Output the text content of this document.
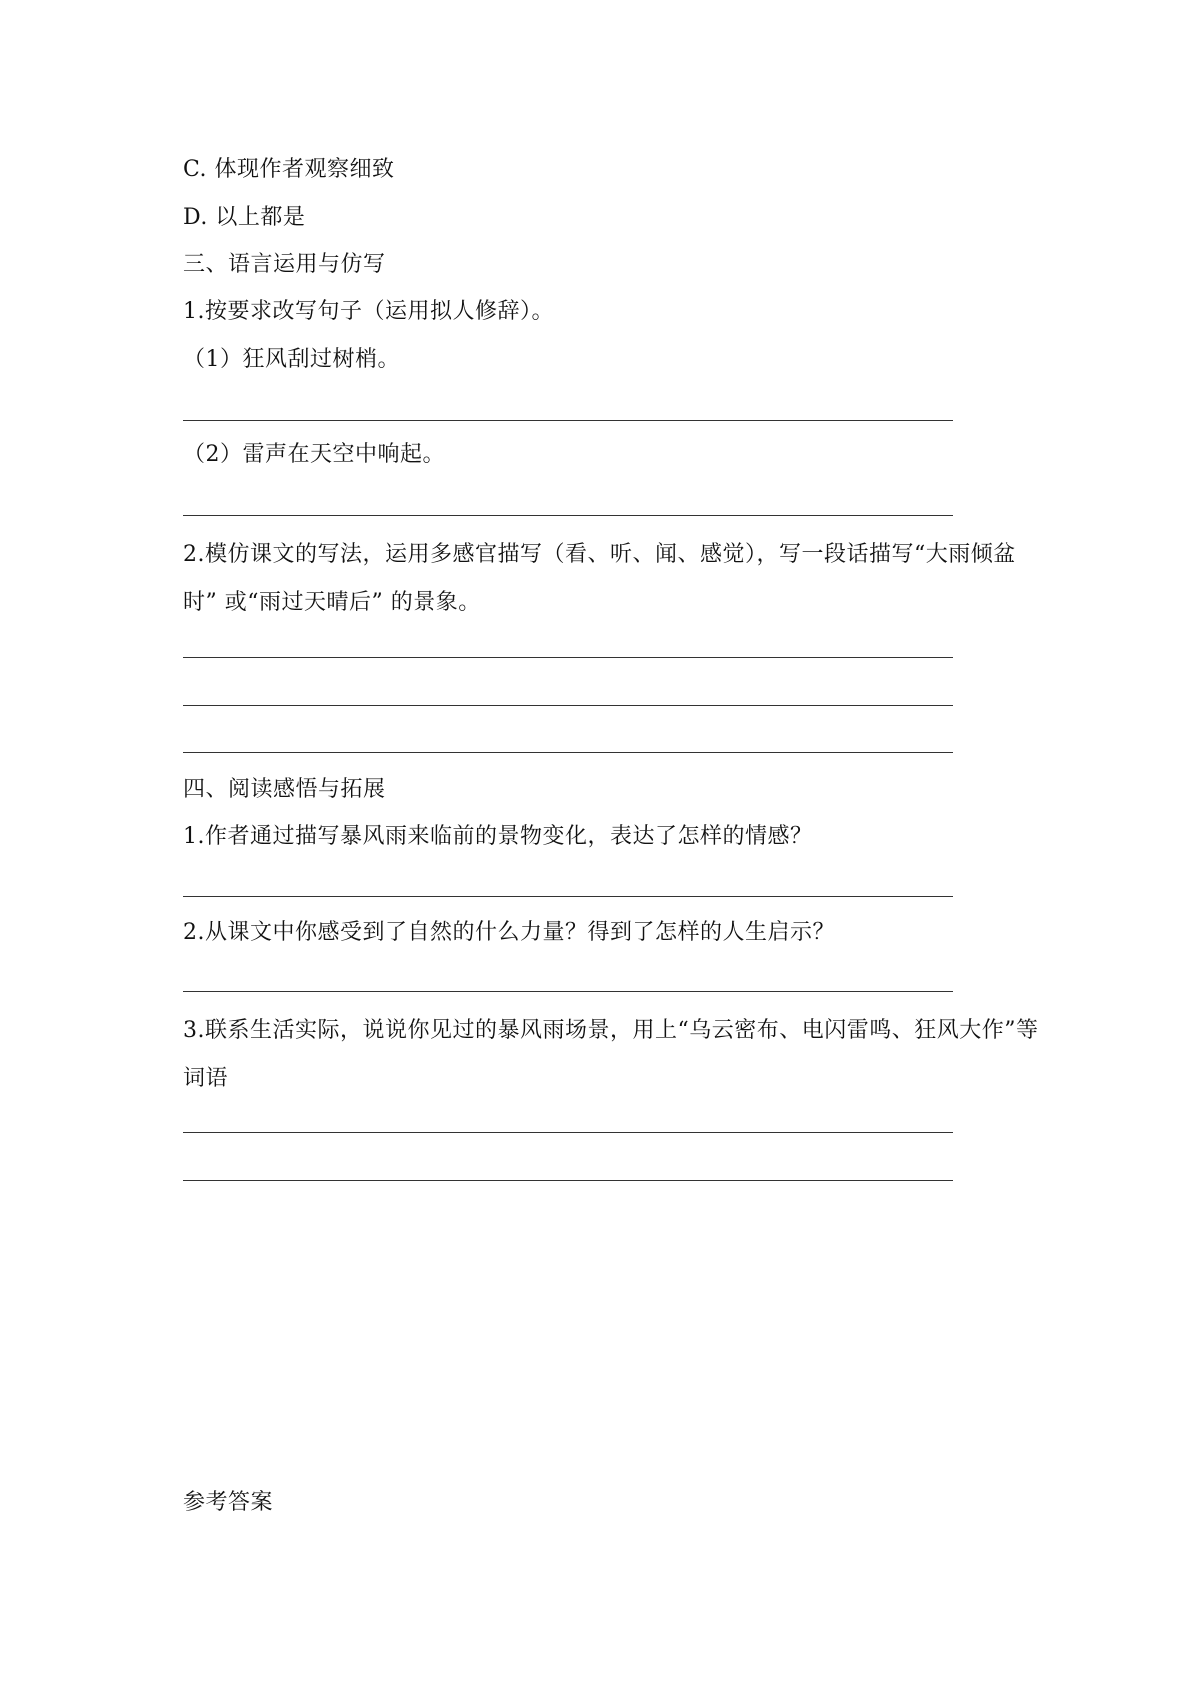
C. 体现作者观察细致
D. 以上都是
三、语言运用与仿写
1.按要求改写句子（运用拟人修辞）。
（1）狂风刮过树梢。
（2）雷声在天空中响起。
2.模仿课文的写法，运用多感官描写（看、听、闻、感觉），写一段话描写“大雨倾盆时” 或“雨过天晴后” 的景象。
四、阅读感悟与拓展
1.作者通过描写暴风雨来临前的景物变化，表达了怎样的情感？
2.从课文中你感受到了自然的什么力量？得到了怎样的人生启示？
3.联系生活实际，说说你见过的暴风雨场景，用上“乌云密布、电闪雷鸣、狂风大作”等词语
参考答案
